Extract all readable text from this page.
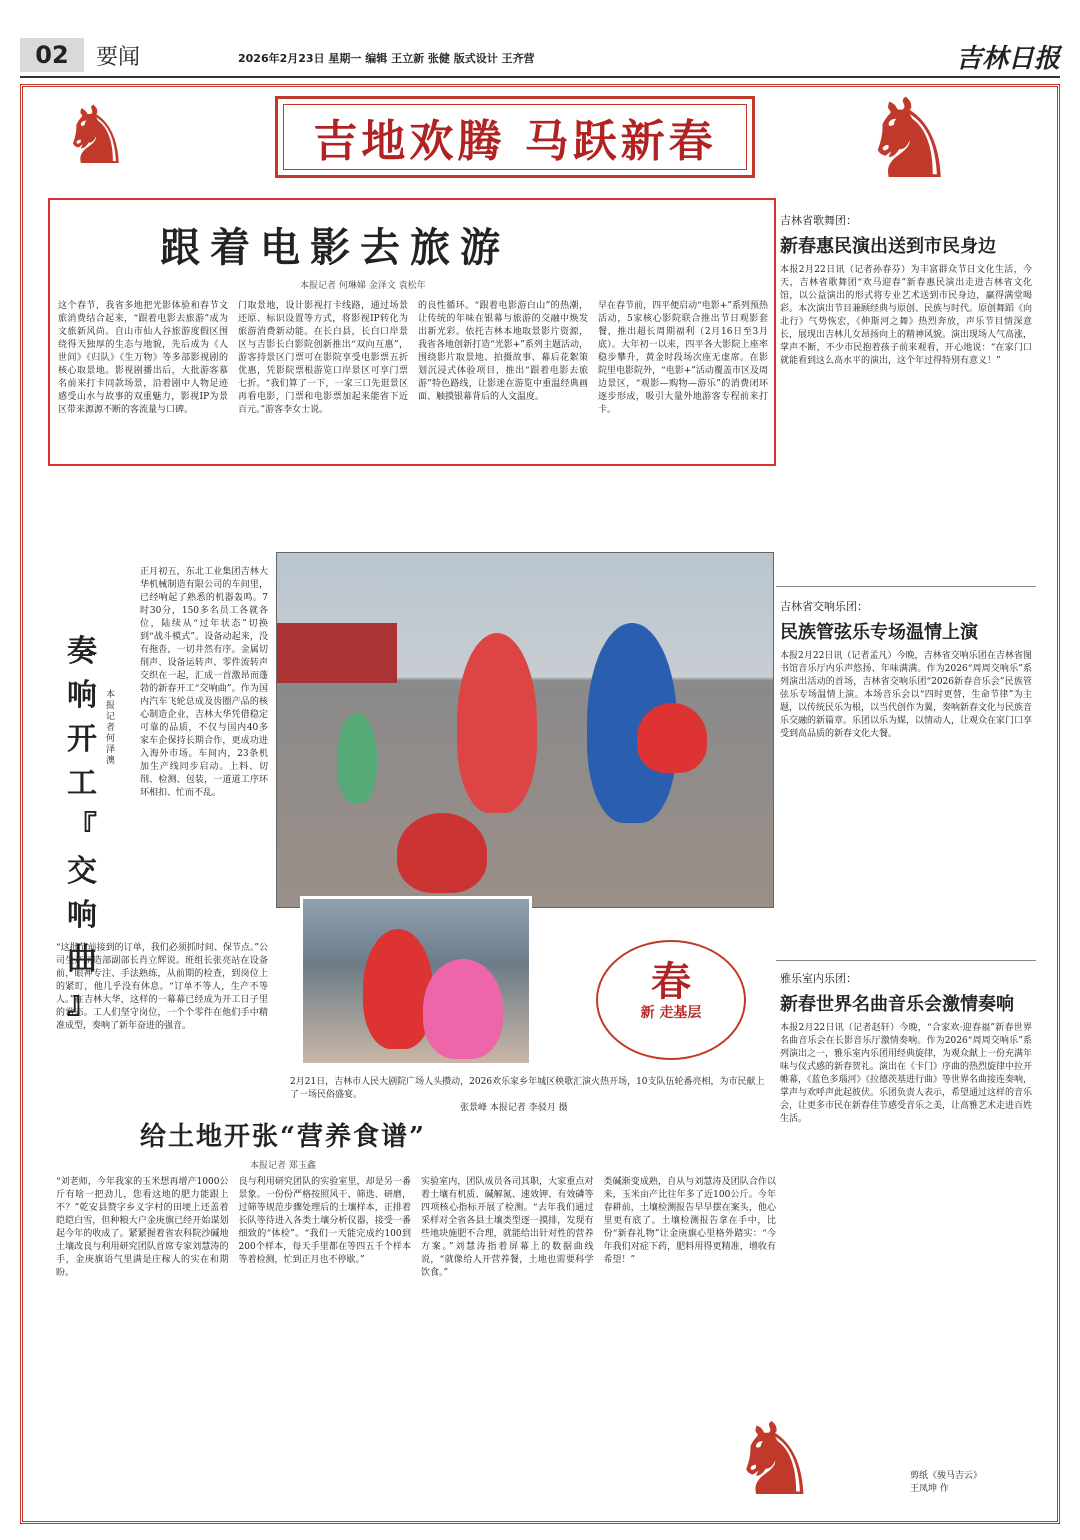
02	要闻	2026年2月23日 星期一 编辑 王立新 张健 版式设计 王齐营	吉林日报
♞	♞
♞
吉地欢腾 马跃新春
跟着电影去旅游
本报记者 何琳娣 金泽文 袁松年
这个春节，我省多地把光影体验和春节文旅消费结合起来，“跟着电影去旅游”成为文旅新风尚。自山市仙人谷旅游度假区围绕得天独厚的生态与地貌，先后成为《人世间》《归队》《生万物》等多部影视剧的核心取景地。影视剧播出后，大批游客慕名前来打卡同款场景，沿着剧中人物足迹感受山水与故事的双重魅力，影视IP为景区带来源源不断的客流量与口碑。
门取景地，设计影视打卡线路，通过场景还原、标识设置等方式，将影视IP转化为旅游消费新动能。在长白县，长白口岸景区与吉影长白影院创新推出“双向互惠”，游客持景区门票可在影院享受电影票五折优惠，凭影院票根游览口岸景区可享门票七折。“我们算了一下，一家三口先逛景区再看电影，门票和电影票加起来能省下近百元。”游客李女士说。
的良性循环。“跟着电影游白山”的热潮，让传统的年味在银幕与旅游的交融中焕发出新光彩。依托吉林本地取景影片资源，我省各地创新打造“光影+”系列主题活动，围绕影片取景地、拍摄故事、幕后花絮策划沉浸式体验项目，推出“跟着电影去旅游”特色路线，让影迷在游览中重温经典画面、触摸银幕背后的人文温度。
早在春节前，四平便启动“电影+”系列预热活动，5家核心影院联合推出节日观影套餐，推出超长周期福利（2月16日至3月底）。大年初一以来，四平各大影院上座率稳步攀升，黄金时段场次座无虚席。在影院里电影院外，“电影+”活动覆盖市区及周边景区，“观影—购物—游乐”的消费闭环逐步形成，吸引大量外地游客专程前来打卡。
吉林省歌舞团：
新春惠民演出送到市民身边
本报2月22日讯（记者孙春芬）为丰富群众节日文化生活，今天，吉林省歌舞团“欢马迎春”新春惠民演出走进吉林省文化馆，以公益演出的形式将专业艺术送到市民身边，赢得满堂喝彩。本次演出节目兼顾经典与原创、民族与时代。原创舞蹈《向北行》气势恢宏，《伸斯河之舞》热烈奔放，声乐节目情深意长，展现出吉林儿女昂扬向上的精神风貌。演出现场人气高涨，掌声不断，不少市民抱着孩子前来观看，开心地说：“在家门口就能看到这么高水平的演出，这个年过得特别有意义！”
吉林省交响乐团：
民族管弦乐专场温情上演
本报2月22日讯（记者孟凡）今晚，吉林省交响乐团在吉林省图书馆音乐厅内乐声悠扬、年味满满。作为2026“周周交响乐”系列演出活动的首场，吉林省交响乐团“2026新春音乐会”民族管弦乐专场温情上演。本场音乐会以“四时更替，生命节律”为主题，以传统民乐为根，以当代创作为翼，奏响新春文化与民族音乐交融的新篇章。乐团以乐为媒，以情动人，让观众在家门口享受到高品质的新春文化大餐。
雅乐室内乐团：
新春世界名曲音乐会激情奏响
本报2月22日讯（记者赵轩）今晚，“合家欢·迎春福”新春世界名曲音乐会在长影音乐厅激情奏响。作为2026“周周交响乐”系列演出之一，雅乐室内乐团用经典旋律，为观众献上一份充满年味与仪式感的新春贺礼。演出在《卡门》序曲的热烈旋律中拉开帷幕，《蓝色多瑙河》《拉德茨基进行曲》等世界名曲接连奏响，掌声与欢呼声此起彼伏。乐团负责人表示，希望通过这样的音乐会，让更多市民在新春佳节感受音乐之美，让高雅艺术走进百姓生活。

奏
响
开
工
『
交
响
曲
』

本报记者 何泽澳
正月初五，东北工业集团吉林大华机械制造有限公司的车间里，已经响起了熟悉的机器轰鸣。7时30分，150多名员工各就各位，陆续从“过年状态”切换到“战斗模式”。设备动起来，没有拖沓，一切井然有序。金属切削声、设备运转声、零件流转声交织在一起，汇成一首激昂而蓬勃的新春开工“交响曲”。作为国内汽车飞轮总成及齿圈产品的核心制造企业，吉林大华凭借稳定可靠的品质，不仅与国内40多家车企保持长期合作，更成功进入海外市场。车间内，23条机加生产线同步启动。上料、切削、检测、包装，一道道工序环环相扣、忙而不乱。
“这批节前接到的订单，我们必须抓时间、保节点。”公司生产制造部副部长肖立辉说。班组长张亮站在设备前，眼神专注、手法熟练，从前期的检查，到岗位上的紧盯，他几乎没有休息。“订单不等人，生产不等人。”在吉林大华，这样的一幕幕已经成为开工日子里的常态。工人们坚守岗位，一个个零件在他们手中精准成型，奏响了新年奋进的强音。
2月21日，吉林市人民大剧院广场人头攒动，2026欢乐家乡年城区秧歌汇演火热开场，10支队伍轮番亮相，为市民献上了一场民俗盛宴。
张景峰 本报记者 李驳月 摄
春
新 走基层
给土地开张“营养食谱”
本报记者 郑玉鑫
“刘老师，今年我家的玉米想再增产1000公斤有啥一把劲儿，您看这地的肥力能跟上不？”乾安县赞字乡义字村的田埂上还盖着皑皑白雪，但种粮大户金庚旗已经开始谋划起今年的收成了。紧紧握着省农科院沙碱地土壤改良与利用研究团队首席专家刘慧涛的手，金庚旗语气里满是庄稼人的实在和期盼。
良与利用研究团队的实验室里，却是另一番景象。一份份严格按照风干、筛选、研磨，过筛等规范步骤处理后的土壤样本，正排着长队等待进入各类土壤分析仪器，接受一番细致的“体检”。“我们一天能完成约100到200个样本，每天手里都在等四五千个样本等着检测，忙到正月也不停歇。”
实验室内，团队成员各司其职，大家重点对着土壤有机质、碱解氮、速效钾、有效磷等四项核心指标开展了检测。“去年我们通过采样对全省各县土壤类型逐一摸排，发现有些地块施肥不合理，就能给出针对性的营养方案。”刘慧涛指着屏幕上的数据曲线说，“就像给人开营养餐，土地也需要科学饮食。”
类碱渐变成熟，自从与刘慧涛及团队合作以来，玉米亩产比往年多了近100公斤。今年春耕前，土壤检测报告早早摆在案头，他心里更有底了。土壤检测报告拿在手中，比份“新春礼物”让金庚旗心里格外踏实：“今年我们对症下药，肥料用得更精准，增收有希望！”
剪纸《骏马吉云》
王凤坤 作
